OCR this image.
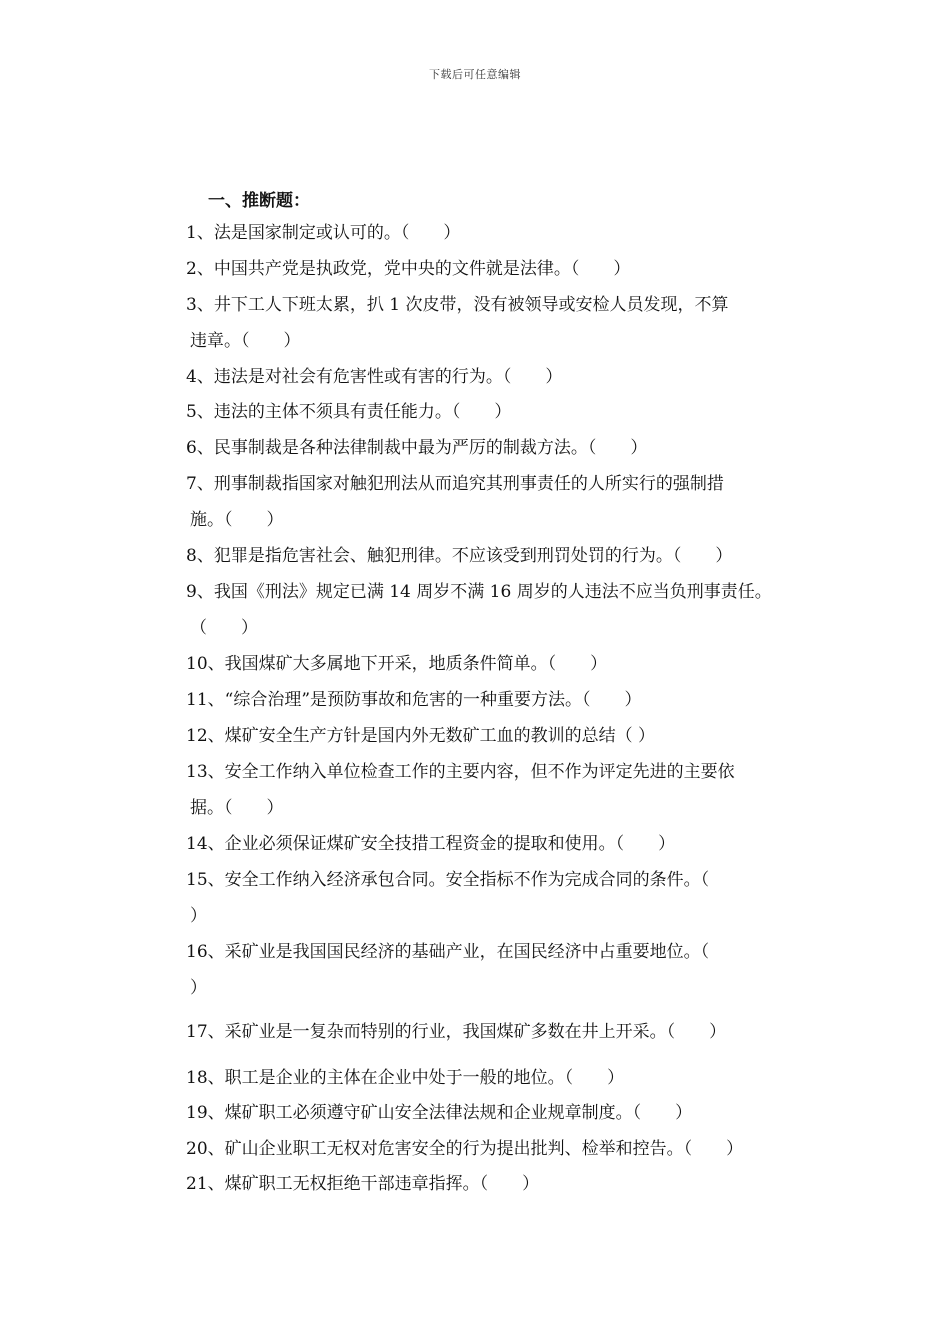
下载后可任意编辑
一、推断题：
1、法是国家制定或认可的。（　　）
2、中国共产党是执政党，党中央的文件就是法律。（　　）
3、井下工人下班太累，扒 1 次皮带，没有被领导或安检人员发现，不算
违章。（　　）
4、违法是对社会有危害性或有害的行为。（　　）
5、违法的主体不须具有责任能力。（　　）
6、民事制裁是各种法律制裁中最为严厉的制裁方法。（　　）
7、刑事制裁指国家对触犯刑法从而追究其刑事责任的人所实行的强制措
施。（　　）
8、犯罪是指危害社会、触犯刑律。不应该受到刑罚处罚的行为。（　　）
9、我国《刑法》规定已满 14 周岁不满 16 周岁的人违法不应当负刑事责任。
（　　）
10、我国煤矿大多属地下开采，地质条件简单。（　　）
11、“综合治理”是预防事故和危害的一种重要方法。（　　）
12、煤矿安全生产方针是国内外无数矿工血的教训的总结（ ）
13、安全工作纳入单位检查工作的主要内容，但不作为评定先进的主要依
据。（　　）
14、企业必须保证煤矿安全技措工程资金的提取和使用。（　　）
15、安全工作纳入经济承包合同。安全指标不作为完成合同的条件。（
）
16、采矿业是我国国民经济的基础产业，在国民经济中占重要地位。（
）
17、采矿业是一复杂而特别的行业，我国煤矿多数在井上开采。（　　）
18、职工是企业的主体在企业中处于一般的地位。（　　）
19、煤矿职工必须遵守矿山安全法律法规和企业规章制度。（　　）
20、矿山企业职工无权对危害安全的行为提出批判、检举和控告。（　　）
21、煤矿职工无权拒绝干部违章指挥。（　　）
